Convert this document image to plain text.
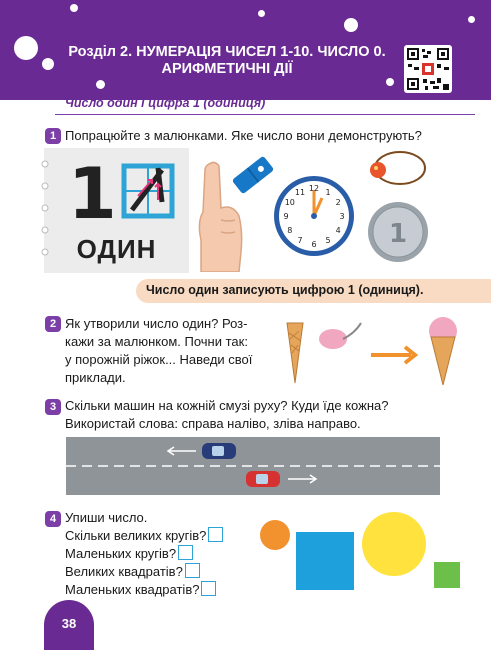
Розділ 2. НУМЕРАЦІЯ ЧИСЕЛ 1-10. ЧИСЛО 0. АРИФМЕТИЧНІ ДІЇ
Число один і цифра 1 (одиниця)
1 Попрацюйте з малюнками. Яке число вони демонструють?
1
ОДИН
12 1
2
3
4
5
6
7
8
9
10
11
1
Число один записують цифрою 1 (одиниця).
2 Як утворили число один? Роз-
кажи за малюнком. Почни так:
у порожній ріжок... Наведи свої
приклади.
3 Скільки машин на кожній смузі руху? Куди їде кожна?
Використай слова: справа наліво, зліва направо.
4 Упиши число.
Скільки великих кругів?
Маленьких кругів?
Великих квадратів?
Маленьких квадратів?
38
